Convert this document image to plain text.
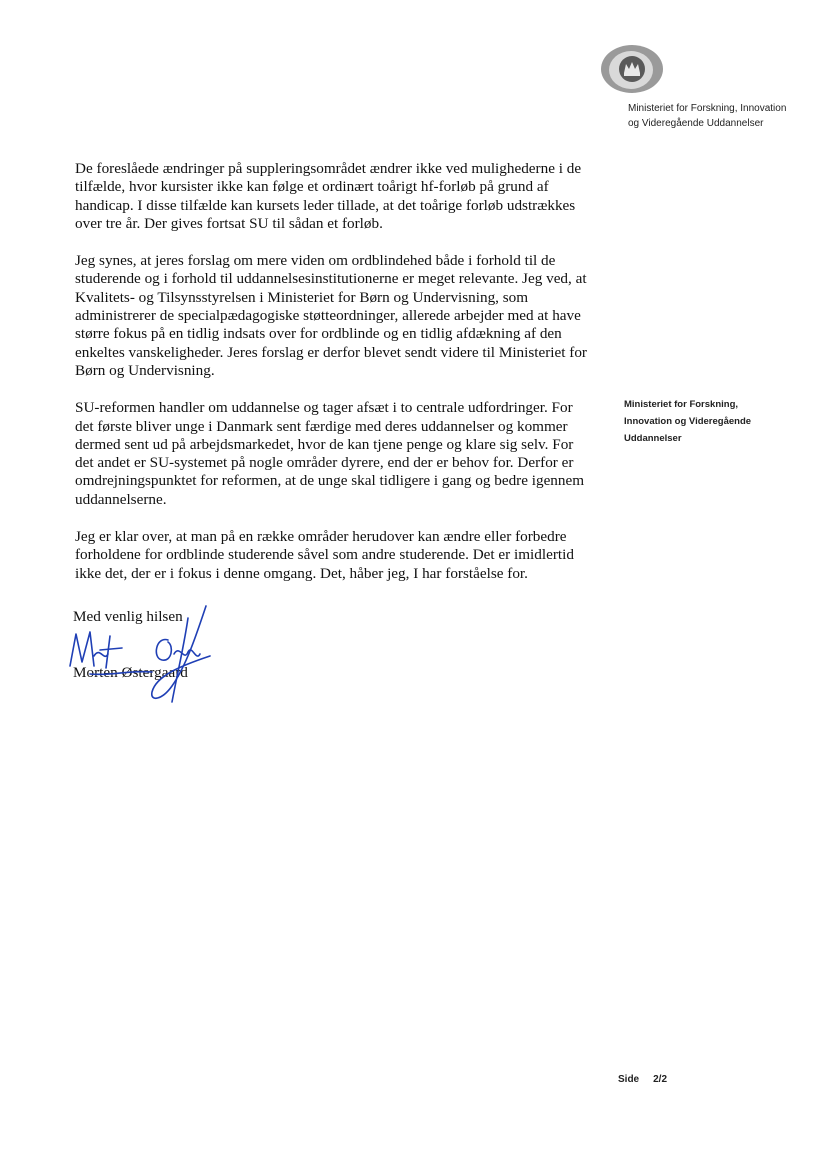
Ministeriet for Forskning, Innovation
og Videregående Uddannelser

De foreslåede ændringer på suppleringsområdet ændrer ikke ved mulighederne i de tilfælde, hvor kursister ikke kan følge et ordinært toårigt hf-forløb på grund af handicap. I disse tilfælde kan kursets leder tillade, at det toårige forløb udstrækkes over tre år. Der gives fortsat SU til sådan et forløb.

Jeg synes, at jeres forslag om mere viden om ordblindehed både i forhold til de studerende og i forhold til uddannelsesinstitutionerne er meget relevante. Jeg ved, at Kvalitets- og Tilsynsstyrelsen i Ministeriet for Børn og Undervisning, som administrerer de specialpædagogiske støtteordninger, allerede arbejder med at have større fokus på en tidlig indsats over for ordblinde og en tidlig afdækning af den enkeltes vanskeligheder. Jeres forslag er derfor blevet sendt videre til Ministeriet for Børn og Undervisning.

SU-reformen handler om uddannelse og tager afsæt i to centrale udfordringer. For det første bliver unge i Danmark sent færdige med deres uddannelser og kommer dermed sent ud på arbejdsmarkedet, hvor de kan tjene penge og klare sig selv. For det andet er SU-systemet på nogle områder dyrere, end der er behov for. Derfor er omdrejningspunktet for reformen, at de unge skal tidligere i gang og bedre igennem uddannelserne.

Jeg er klar over, at man på en række områder herudover kan ændre eller forbedre forholdene for ordblinde studerende såvel som andre studerende. Det er imidlertid ikke det, der er i fokus i denne omgang. Det, håber jeg, I har forståelse for.

Ministeriet for Forskning,
Innovation og Videregående
Uddannelser
Med venlig hilsen
Morten Østergaard
Side 2/2
